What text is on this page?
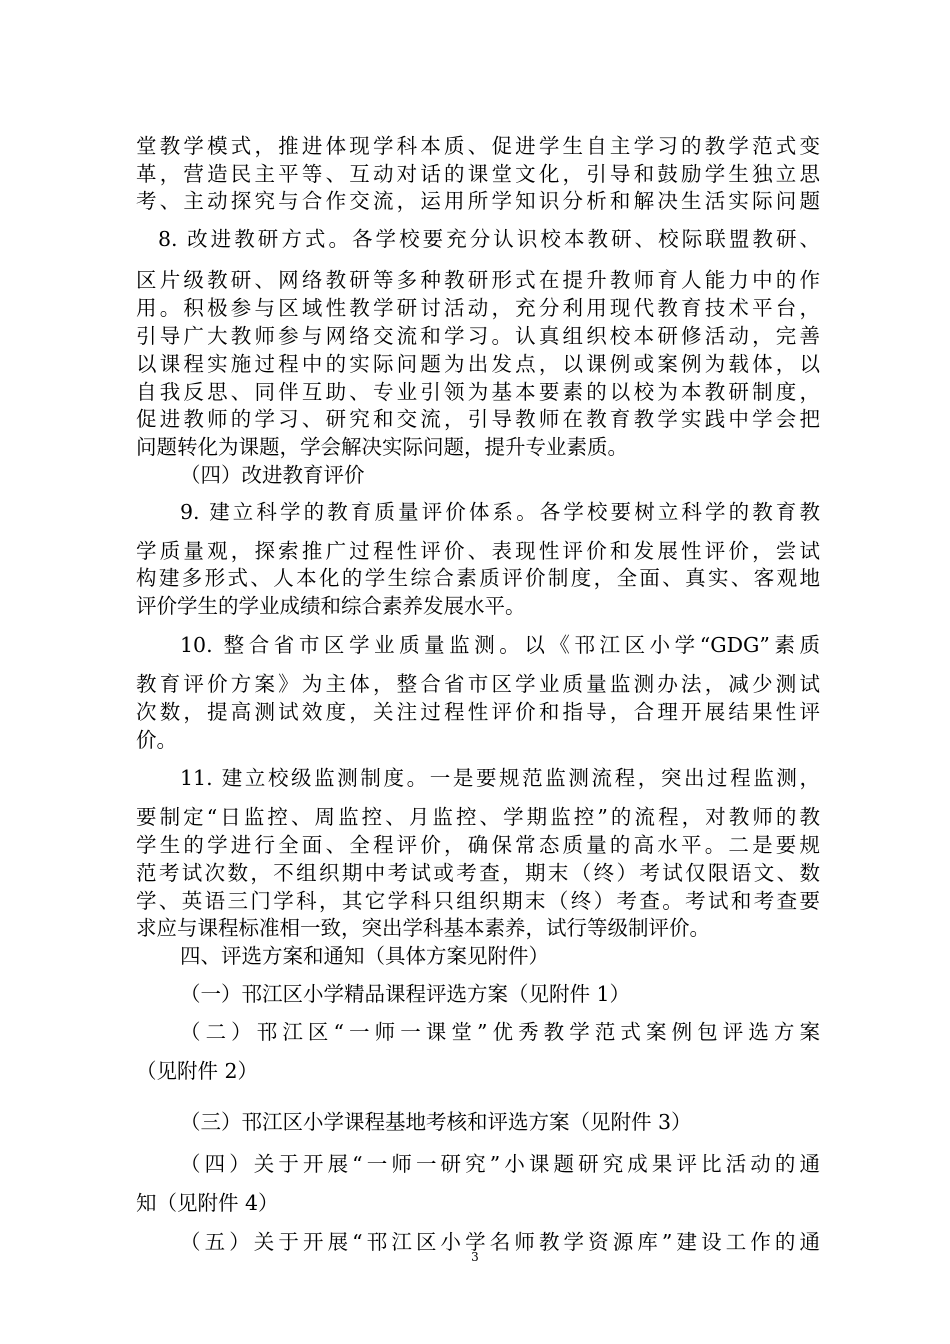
堂教学模式，推进体现学科本质、促进学生自主学习的教学范式变
革，营造民主平等、互动对话的课堂文化，引导和鼓励学生独立思
考、主动探究与合作交流，运用所学知识分析和解决生活实际问题
8. 改进教研方式。各学校要充分认识校本教研、校际联盟教研、
区片级教研、网络教研等多种教研形式在提升教师育人能力中的作
用。积极参与区域性教学研讨活动，充分利用现代教育技术平台，
引导广大教师参与网络交流和学习。认真组织校本研修活动，完善
以课程实施过程中的实际问题为出发点，以课例或案例为载体，以
自我反思、同伴互助、专业引领为基本要素的以校为本教研制度，
促进教师的学习、研究和交流，引导教师在教育教学实践中学会把
问题转化为课题，学会解决实际问题，提升专业素质。
（四）改进教育评价
9. 建立科学的教育质量评价体系。各学校要树立科学的教育教
学质量观，探索推广过程性评价、表现性评价和发展性评价，尝试
构建多形式、人本化的学生综合素质评价制度，全面、真实、客观地
评价学生的学业成绩和综合素养发展水平。
10. 整合省市区学业质量监测。以《邗江区小学“GDG”素质
教育评价方案》为主体，整合省市区学业质量监测办法，减少测试
次数，提高测试效度，关注过程性评价和指导，合理开展结果性评
价。
11. 建立校级监测制度。一是要规范监测流程，突出过程监测，
要制定“日监控、周监控、月监控、学期监控”的流程，对教师的教
学生的学进行全面、全程评价，确保常态质量的高水平。二是要规
范考试次数，不组织期中考试或考查，期末（终）考试仅限语文、数
学、英语三门学科，其它学科只组织期末（终）考查。考试和考查要
求应与课程标准相一致，突出学科基本素养，试行等级制评价。
四、评选方案和通知（具体方案见附件）
（一）邗江区小学精品课程评选方案（见附件 1）
（二）邗江区“一师一课堂”优秀教学范式案例包评选方案
（见附件 2）
（三）邗江区小学课程基地考核和评选方案（见附件 3）
（四）关于开展“一师一研究”小课题研究成果评比活动的通
知（见附件 4）
（五）关于开展“邗江区小学名师教学资源库”建设工作的通
3
